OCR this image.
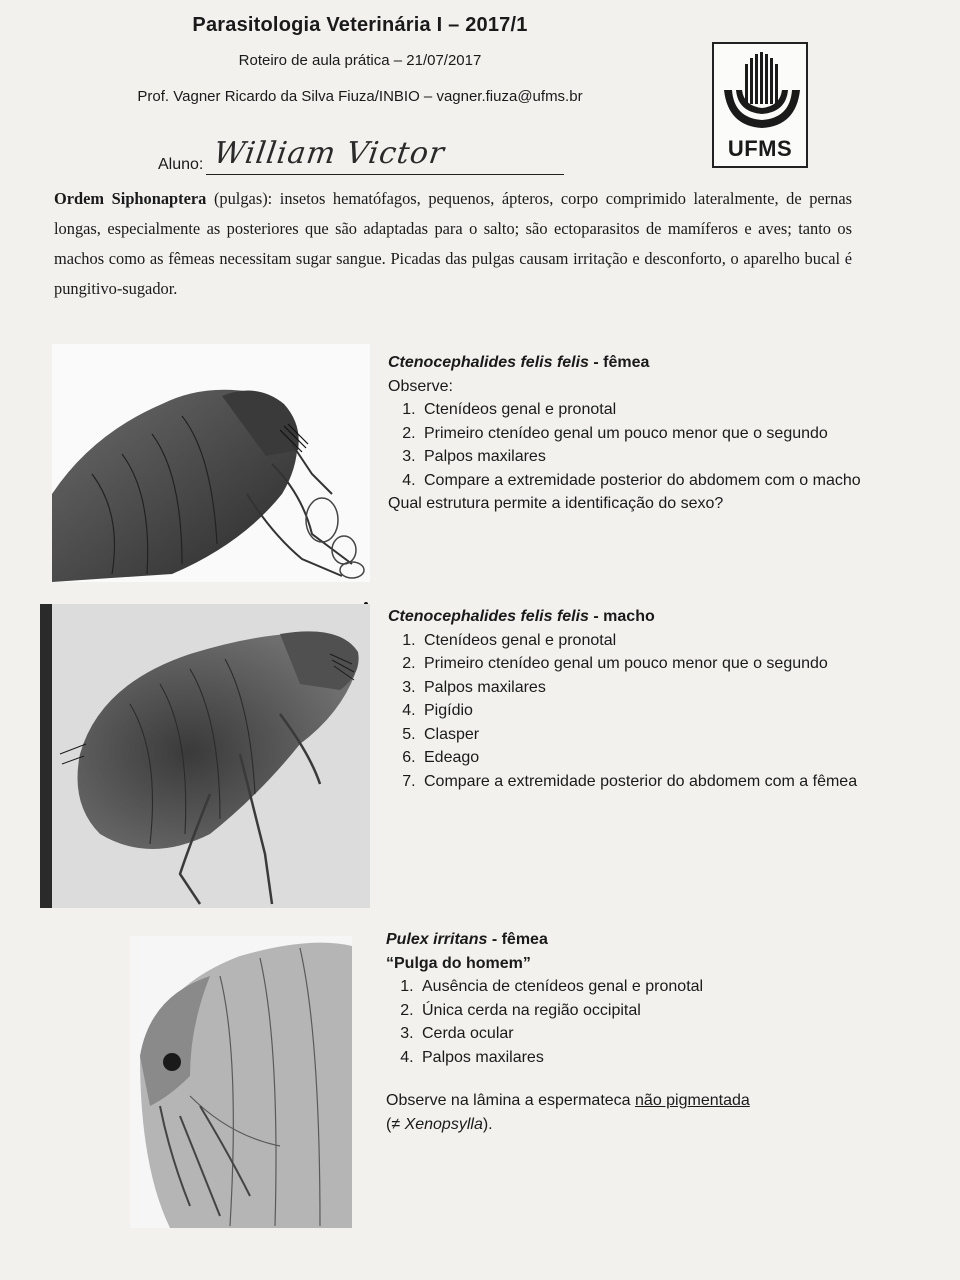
Parasitologia Veterinária I – 2017/1
Roteiro de aula prática – 21/07/2017
Prof. Vagner Ricardo da Silva Fiuza/INBIO – vagner.fiuza@ufms.br
UFMS
Aluno: William Victor
Ordem Siphonaptera (pulgas): insetos hematófagos, pequenos, ápteros, corpo comprimido lateralmente, de pernas longas, especialmente as posteriores que são adaptadas para o salto; são ectoparasitos de mamíferos e aves; tanto os machos como as fêmeas necessitam sugar sangue. Picadas das pulgas causam irritação e desconforto, o aparelho bucal é pungitivo-sugador.
Ctenocephalides felis felis - fêmea

Observe:

1. Ctenídeos genal e pronotal
2. Primeiro ctenídeo genal um pouco menor que o segundo
3. Palpos maxilares
4. Compare a extremidade posterior do abdomem com o macho

Qual estrutura permite a identificação do sexo?

Ctenocephalides felis felis - macho
1. Ctenídeos genal e pronotal
2. Primeiro ctenídeo genal um pouco menor que o segundo
3. Palpos maxilares
4. Pigídio
5. Clasper
6. Edeago
7. Compare a extremidade posterior do abdomem com a fêmea
Pulex irritans - fêmea
“Pulga do homem”
1. Ausência de ctenídeos genal e pronotal
2. Única cerda na região occipital
3. Cerda ocular
4. Palpos maxilares

Observe na lâmina a espermateca não pigmentada

(≠ Xenopsylla).
